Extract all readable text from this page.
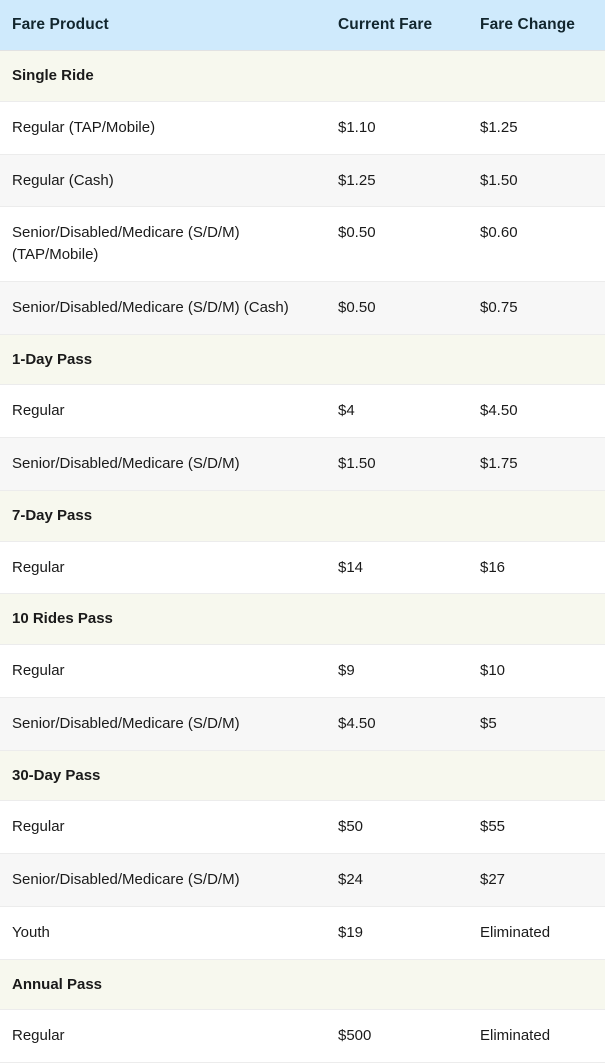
Fare Product	Current Fare	Fare Change
Single Ride		
Regular (TAP/Mobile)	$1.10	$1.25
Regular (Cash)	$1.25	$1.50
Senior/Disabled/Medicare (S/D/M) (TAP/Mobile)	$0.50	$0.60
Senior/Disabled/Medicare (S/D/M) (Cash)	$0.50	$0.75
1-Day Pass		
Regular	$4	$4.50
Senior/Disabled/Medicare (S/D/M)	$1.50	$1.75
7-Day Pass		
Regular	$14	$16
10 Rides Pass		
Regular	$9	$10
Senior/Disabled/Medicare (S/D/M)	$4.50	$5
30-Day Pass		
Regular	$50	$55
Senior/Disabled/Medicare (S/D/M)	$24	$27
Youth	$19	Eliminated
Annual Pass		
Regular	$500	Eliminated
